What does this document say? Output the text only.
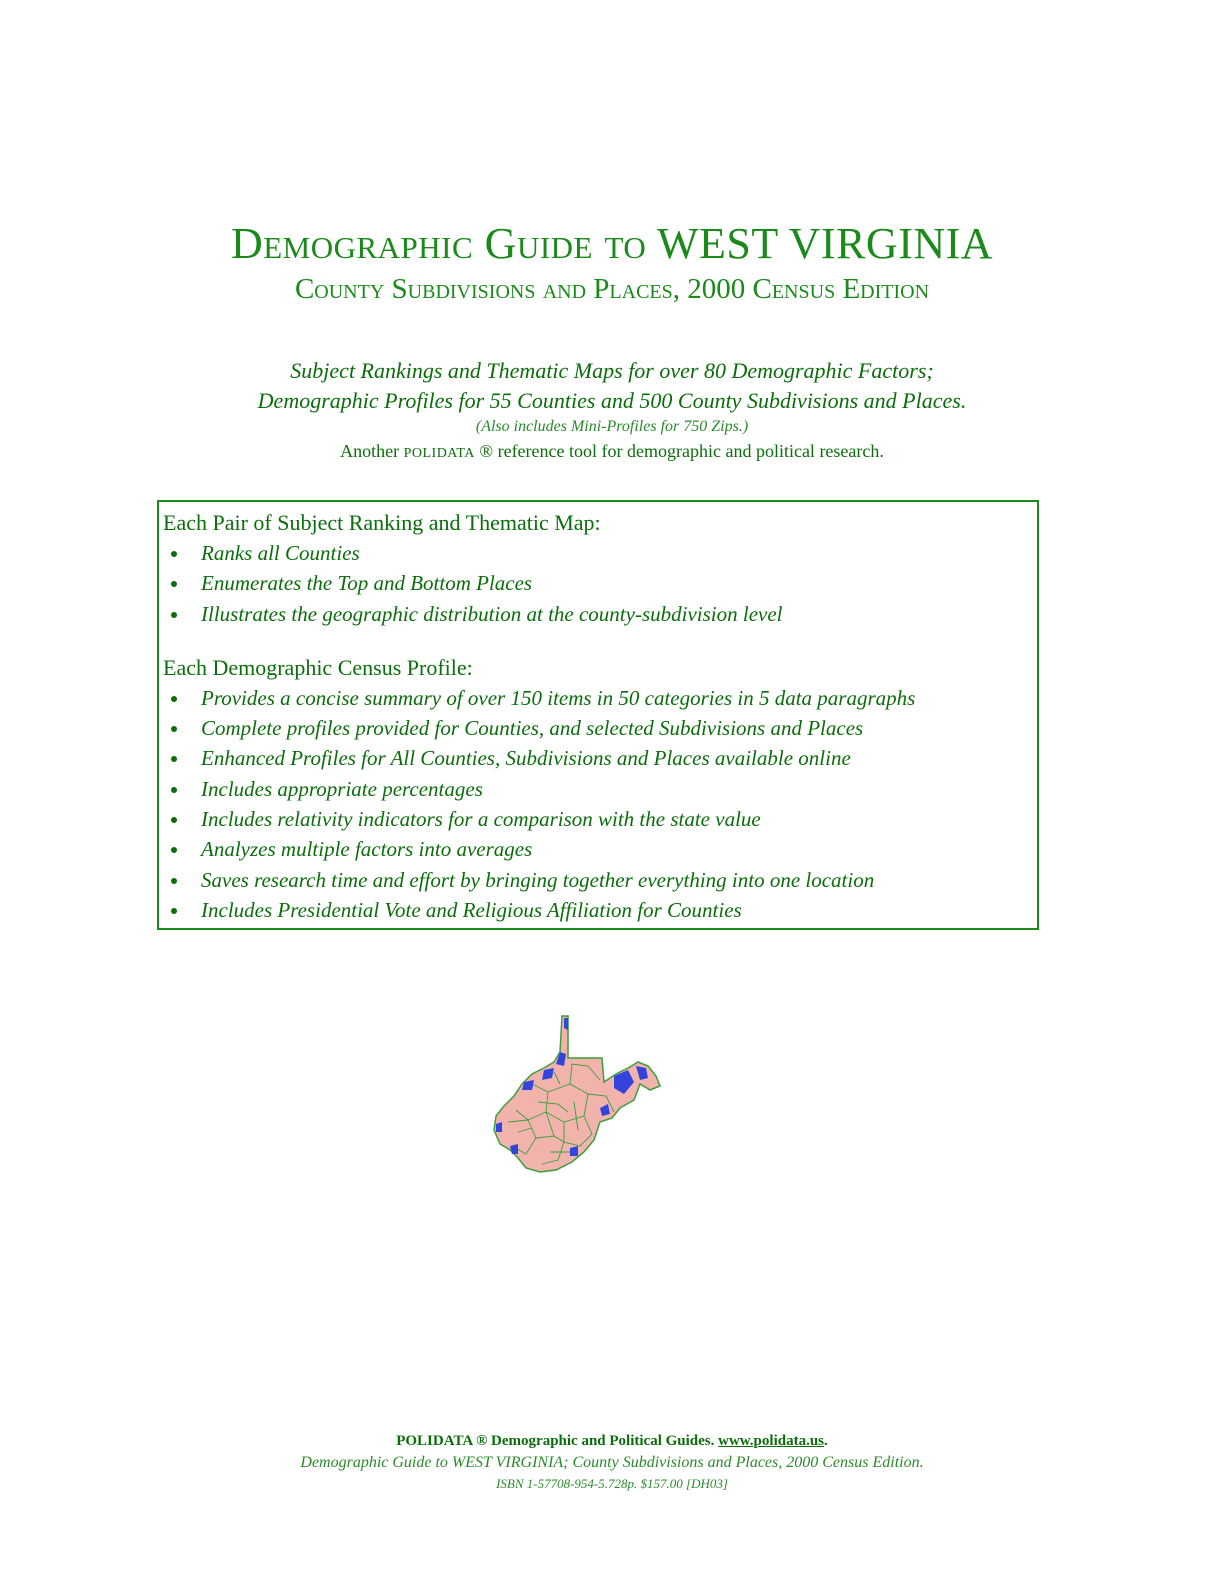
Demographic Guide to WEST VIRGINIA

County Subdivisions and Places, 2000 Census Edition

Subject Rankings and Thematic Maps for over 80 Demographic Factors;
Demographic Profiles for 55 Counties and 500 County Subdivisions and Places.
(Also includes Mini-Profiles for 750 Zips.)
Another POLIDATA ® reference tool for demographic and political research.
Each Pair of Subject Ranking and Thematic Map:
Ranks all Counties
Enumerates the Top and Bottom Places
Illustrates the geographic distribution at the county-subdivision level
Each Demographic Census Profile:
Provides a concise summary of over 150 items in 50 categories in 5 data paragraphs
Complete profiles provided for Counties, and selected Subdivisions and Places
Enhanced Profiles for All Counties, Subdivisions and Places available online
Includes appropriate percentages
Includes relativity indicators for a comparison with the state value
Analyzes multiple factors into averages
Saves research time and effort by bringing together everything into one location
Includes Presidential Vote and Religious Affiliation for Counties
POLIDATA ® Demographic and Political Guides. www.polidata.us.
Demographic Guide to WEST VIRGINIA; County Subdivisions and Places, 2000 Census Edition.
ISBN 1-57708-954-5.728p. $157.00 [DH03]
